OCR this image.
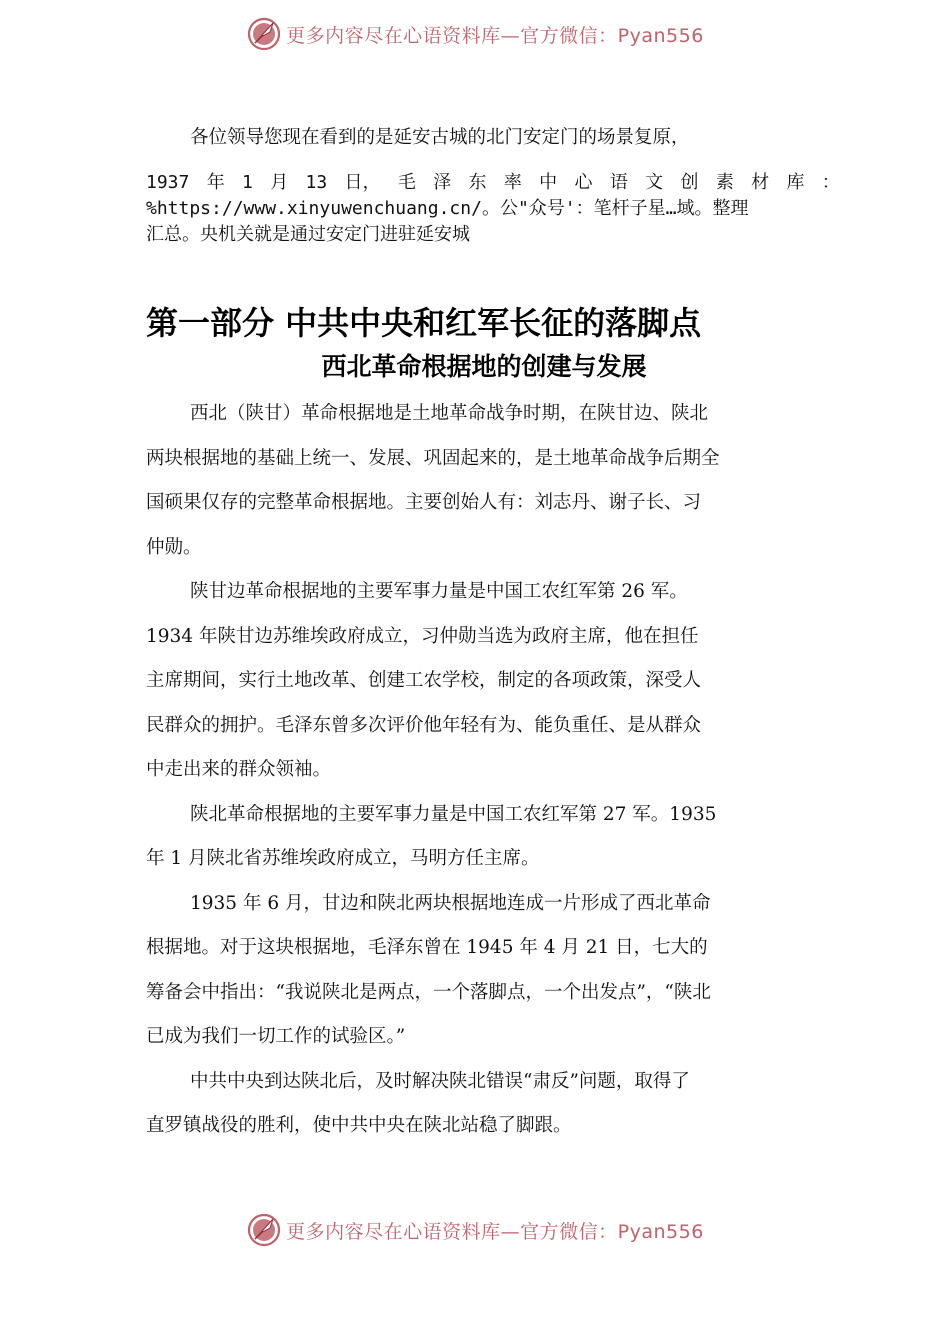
更多内容尽在心语资料库—官方微信：Pyan556
各位领导您现在看到的是延安古城的北门安定门的场景复原，
1937 年 1 月 13 日， 毛 泽 东 率 中 心 语 文 创 素 材 库 ：
%https://www.xinyuwenchuang.cn/。公"众号'：笔杆子星…域。整理
汇总。央机关就是通过安定门进驻延安城
第一部分 中共中央和红军长征的落脚点
西北革命根据地的创建与发展

西北（陕甘）革命根据地是土地革命战争时期，在陕甘边、陕北
两块根据地的基础上统一、发展、巩固起来的，是土地革命战争后期全
国硕果仅存的完整革命根据地。主要创始人有：刘志丹、谢子长、习
仲勋。

陕甘边革命根据地的主要军事力量是中国工农红军第 26 军。
1934 年陕甘边苏维埃政府成立，习仲勋当选为政府主席，他在担任
主席期间，实行土地改革、创建工农学校，制定的各项政策，深受人
民群众的拥护。毛泽东曾多次评价他年轻有为、能负重任、是从群众
中走出来的群众领袖。

陕北革命根据地的主要军事力量是中国工农红军第 27 军。1935
年 1 月陕北省苏维埃政府成立，马明方任主席。

1935 年 6 月，甘边和陕北两块根据地连成一片形成了西北革命
根据地。对于这块根据地，毛泽东曾在 1945 年 4 月 21 日，七大的
筹备会中指出：“我说陕北是两点，一个落脚点，一个出发点”，“陕北
已成为我们一切工作的试验区。”

中共中央到达陕北后，及时解决陕北错误“肃反”问题，取得了
直罗镇战役的胜利，使中共中央在陕北站稳了脚跟。

更多内容尽在心语资料库—官方微信：Pyan556
